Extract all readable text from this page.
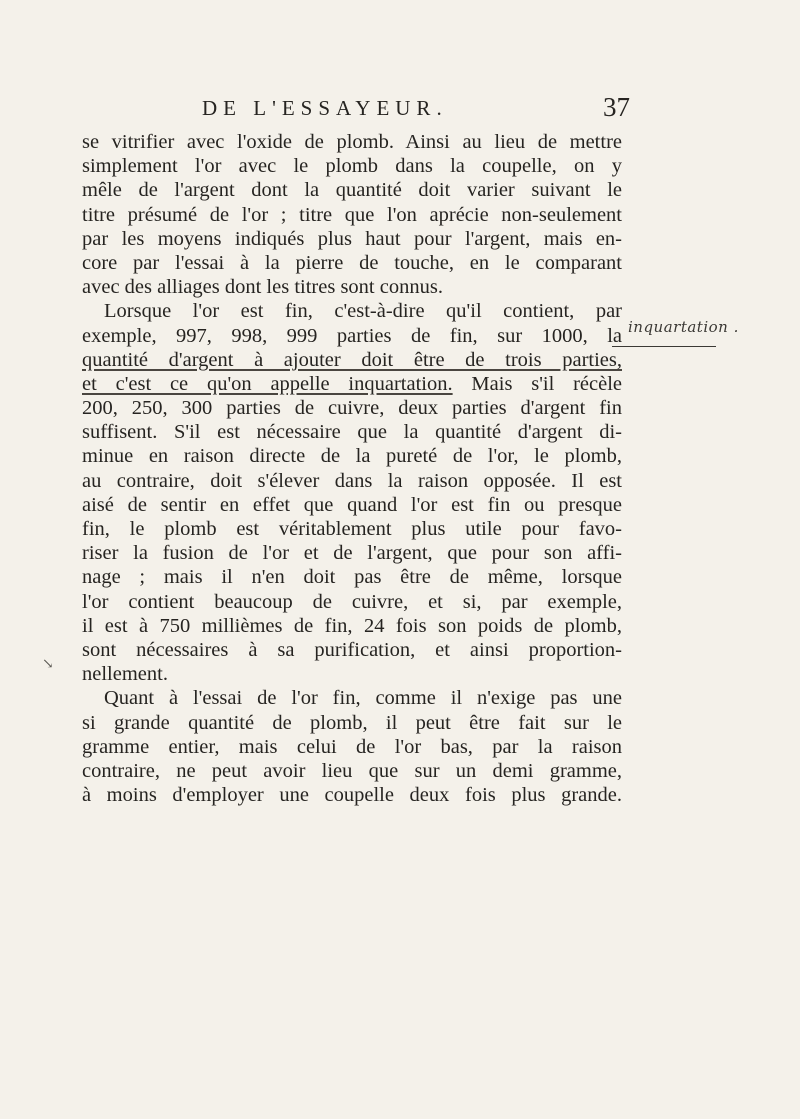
DE L'ESSAYEUR.	37
se vitrifier avec l'oxide de plomb. Ainsi au lieu de mettre
simplement l'or avec le plomb dans la coupelle, on y
mêle de l'argent dont la quantité doit varier suivant le
titre présumé de l'or ; titre que l'on aprécie non-seulement
par les moyens indiqués plus haut pour l'argent, mais en-
core par l'essai à la pierre de touche, en le comparant
avec des alliages dont les titres sont connus.
Lorsque l'or est fin, c'est-à-dire qu'il contient, par
exemple, 997, 998, 999 parties de fin, sur 1000, la
quantité d'argent à ajouter doit être de trois parties,
et c'est ce qu'on appelle inquartation. Mais s'il récèle
200, 250, 300 parties de cuivre, deux parties d'argent fin
suffisent. S'il est nécessaire que la quantité d'argent di-
minue en raison directe de la pureté de l'or, le plomb,
au contraire, doit s'élever dans la raison opposée. Il est
aisé de sentir en effet que quand l'or est fin ou presque
fin, le plomb est véritablement plus utile pour favo-
riser la fusion de l'or et de l'argent, que pour son affi-
nage ; mais il n'en doit pas être de même, lorsque
l'or contient beaucoup de cuivre, et si, par exemple,
il est à 750 millièmes de fin, 24 fois son poids de plomb,
sont nécessaires à sa purification, et ainsi proportion-
nellement.
Quant à l'essai de l'or fin, comme il n'exige pas une
si grande quantité de plomb, il peut être fait sur le
gramme entier, mais celui de l'or bas, par la raison
contraire, ne peut avoir lieu que sur un demi gramme,
à moins d'employer une coupelle deux fois plus grande.
inquartation .
↘
